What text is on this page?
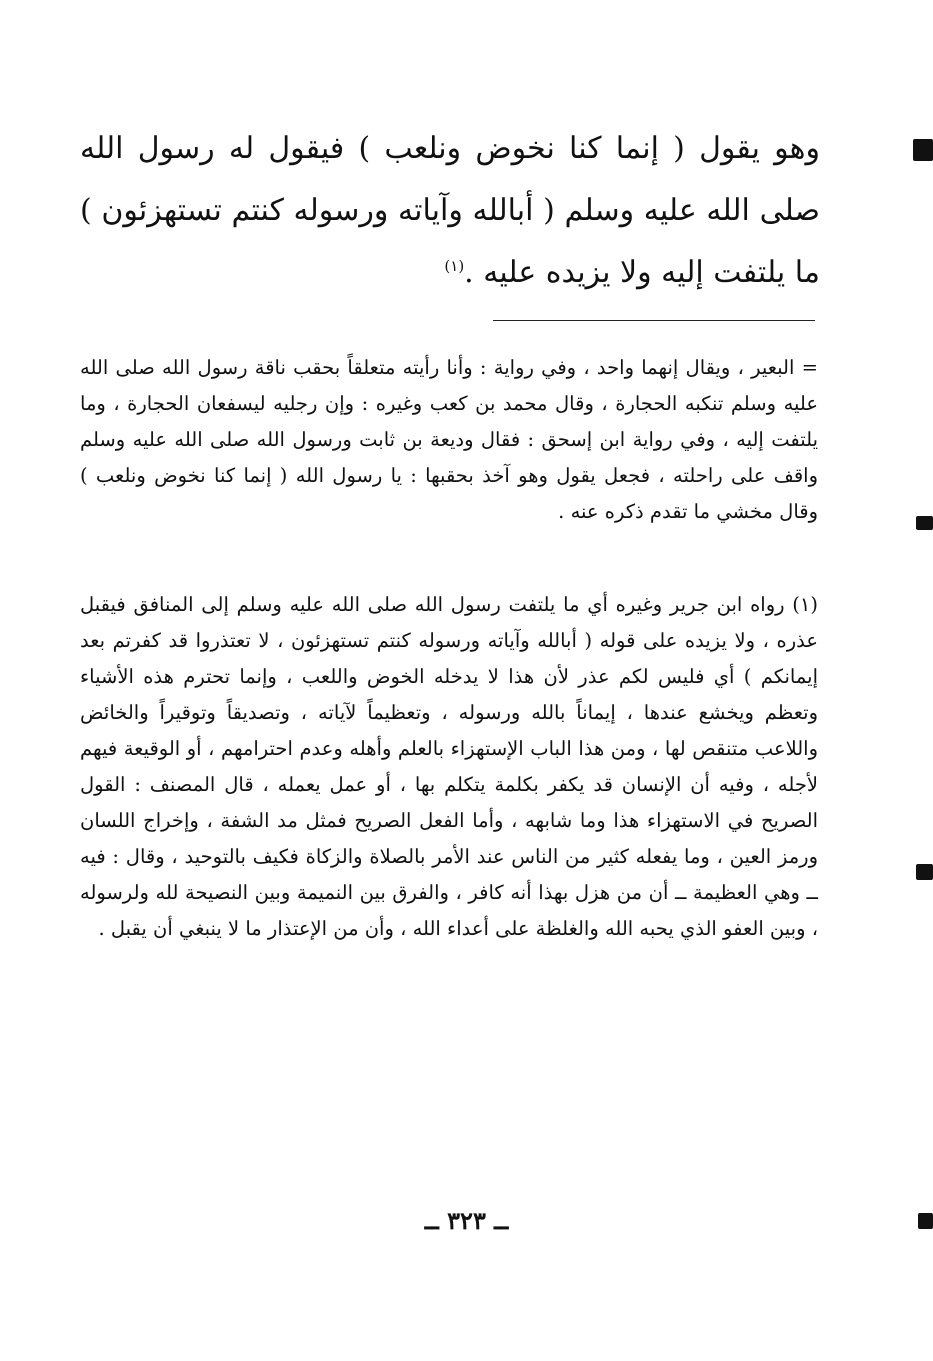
وهو يقول ( إنما كنا نخوض ونلعب ) فيقول له رسول الله صلى الله عليه وسلم ( أبالله وآياته ورسوله كنتم تستهزئون ) ما يلتفت إليه ولا يزيده عليه .$^{(١)}$

= البعير ، ويقال إنهما واحد ، وفي رواية : وأنا رأيته متعلقاً بحقب ناقة رسول الله صلى الله عليه وسلم تنكبه الحجارة ، وقال محمد بن كعب وغيره : وإن رجليه ليسفعان الحجارة ، وما يلتفت إليه ، وفي رواية ابن إسحق : فقال وديعة بن ثابت ورسول الله صلى الله عليه وسلم واقف على راحلته ، فجعل يقول وهو آخذ بحقبها : يا رسول الله ( إنما كنا نخوض ونلعب ) وقال مخشي ما تقدم ذكره عنه .

(١) رواه ابن جرير وغيره أي ما يلتفت رسول الله صلى الله عليه وسلم إلى المنافق فيقبل عذره ، ولا يزيده على قوله ( أبالله وآياته ورسوله كنتم تستهزئون ، لا تعتذروا قد كفرتم بعد إيمانكم ) أي فليس لكم عذر لأن هذا لا يدخله الخوض واللعب ، وإنما تحترم هذه الأشياء وتعظم ويخشع عندها ، إيماناً بالله ورسوله ، وتعظيماً لآياته ، وتصديقاً وتوقيراً والخائض واللاعب متنقص لها ، ومن هذا الباب الإستهزاء بالعلم وأهله وعدم احترامهم ، أو الوقيعة فيهم لأجله ، وفيه أن الإنسان قد يكفر بكلمة يتكلم بها ، أو عمل يعمله ، قال المصنف : القول الصريح في الاستهزاء هذا وما شابهه ، وأما الفعل الصريح فمثل مد الشفة ، وإخراج اللسان ورمز العين ، وما يفعله كثير من الناس عند الأمر بالصلاة والزكاة فكيف بالتوحيد ، وقال : فيه ــ وهي العظيمة ــ أن من هزل بهذا أنه كافر ، والفرق بين النميمة وبين النصيحة لله ولرسوله ، وبين العفو الذي يحبه الله والغلظة على أعداء الله ، وأن من الإعتذار ما لا ينبغي أن يقبل .

ــ ٣٢٣ ــ
